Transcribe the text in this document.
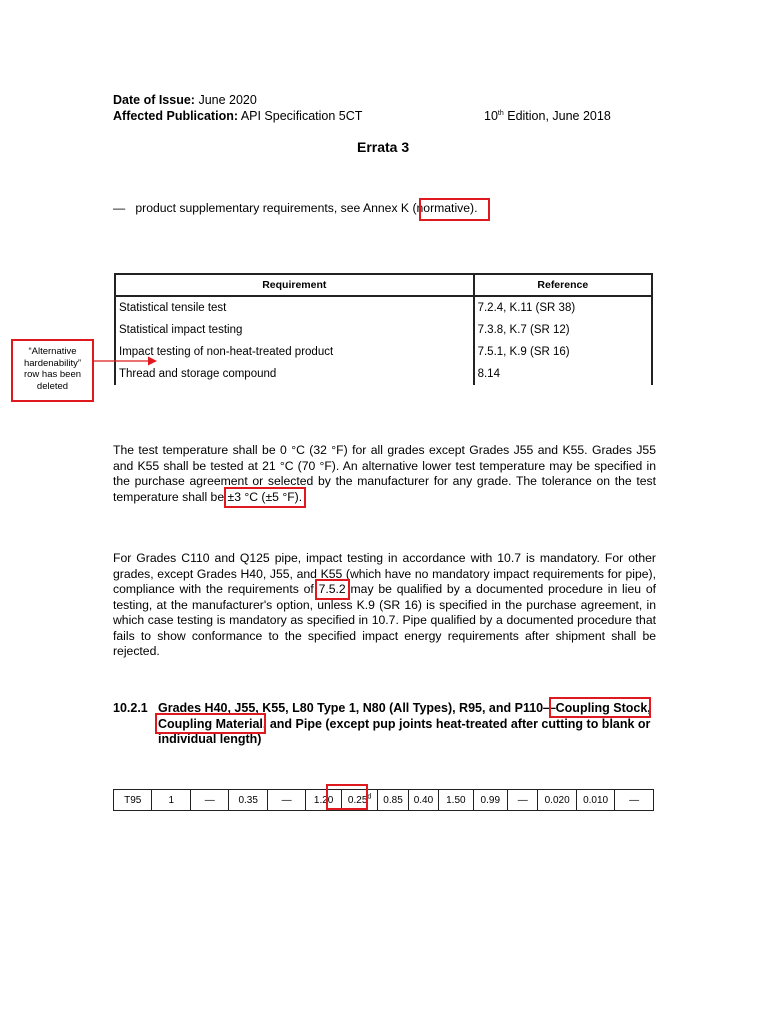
Date of Issue: June 2020
Affected Publication: API Specification 5CT	10th Edition, June 2018
Errata 3
— product supplementary requirements, see Annex K (normative).
Requirement	Reference
Statistical tensile test	7.2.4, K.11 (SR 38)
Statistical impact testing	7.3.8, K.7 (SR 12)
Impact testing of non-heat-treated product	7.5.1, K.9 (SR 16)
Thread and storage compound	8.14
“Alternative
hardenability”
row has been
deleted
The test temperature shall be 0 °C (32 °F) for all grades except Grades J55 and K55. Grades J55 and K55 shall be tested at 21 °C (70 °F). An alternative lower test temperature may be specified in the purchase agreement or selected by the manufacturer for any grade. The tolerance on the test temperature shall be ±3 °C (±5 °F).
For Grades C110 and Q125 pipe, impact testing in accordance with 10.7 is mandatory. For other grades, except Grades H40, J55, and K55 (which have no mandatory impact requirements for pipe), compliance with the requirements of 7.5.2 may be qualified by a documented procedure in lieu of testing, at the manufacturer's option, unless K.9 (SR 16) is specified in the purchase agreement, in which case testing is mandatory as specified in 10.7. Pipe qualified by a documented procedure that fails to show conformance to the specified impact energy requirements after shipment shall be rejected.
10.2.1 Grades H40, J55, K55, L80 Type 1, N80 (All Types), R95, and P110—Coupling Stock, Coupling Material, and Pipe (except pup joints heat-treated after cutting to blank or individual length)
T95	1	—	0.35	—	1.20	0.25$^d$	0.85	0.40	1.50	0.99	—	0.020	0.010	—
